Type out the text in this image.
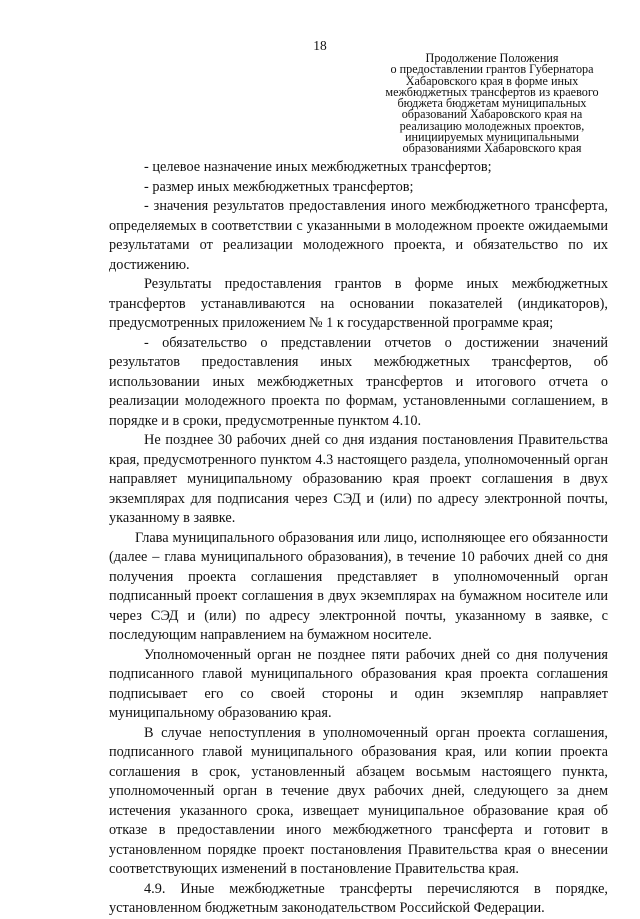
18
Продолжение Положения
о предоставлении грантов Губернатора
Хабаровского края в форме иных
межбюджетных трансфертов из краевого
бюджета бюджетам муниципальных
образований Хабаровского края на
реализацию молодежных проектов,
инициируемых муниципальными
образованиями Хабаровского края

- целевое назначение иных межбюджетных трансфертов;

- размер иных межбюджетных трансфертов;

- значения результатов предоставления иного межбюджетного трансферта, определяемых в соответствии с указанными в молодежном проекте ожидаемыми результатами от реализации молодежного проекта, и обязательство по их достижению.

Результаты предоставления грантов в форме иных межбюджетных трансфертов устанавливаются на основании показателей (индикаторов), предусмотренных приложением № 1 к государственной программе края;

- обязательство о представлении отчетов о достижении значений результатов предоставления иных межбюджетных трансфертов, об использовании иных межбюджетных трансфертов и итогового отчета о реализации молодежного проекта по формам, установленными соглашением, в порядке и в сроки, предусмотренные пунктом 4.10.

Не позднее 30 рабочих дней со дня издания постановления Правительства края, предусмотренного пунктом 4.3 настоящего раздела, уполномоченный орган направляет муниципальному образованию края проект соглашения в двух экземплярах для подписания через СЭД и (или) по адресу электронной почты, указанному в заявке.

Глава муниципального образования или лицо, исполняющее его обязанности (далее – глава муниципального образования), в течение 10 рабочих дней со дня получения проекта соглашения представляет в уполномоченный орган подписанный проект соглашения в двух экземплярах на бумажном носителе или через СЭД и (или) по адресу электронной почты, указанному в заявке, с последующим направлением на бумажном носителе.

Уполномоченный орган не позднее пяти рабочих дней со дня получения подписанного главой муниципального образования края проекта соглашения подписывает его со своей стороны и один экземпляр направляет муниципальному образованию края.

В случае непоступления в уполномоченный орган проекта соглашения, подписанного главой муниципального образования края, или копии проекта соглашения в срок, установленный абзацем восьмым настоящего пункта, уполномоченный орган в течение двух рабочих дней, следующего за днем истечения указанного срока, извещает муниципальное образование края об отказе в предоставлении иного межбюджетного трансферта и готовит в установленном порядке проект постановления Правительства края о внесении соответствующих изменений в постановление Правительства края.

4.9. Иные межбюджетные трансферты перечисляются в порядке, установленном бюджетным законодательством Российской Федерации.
